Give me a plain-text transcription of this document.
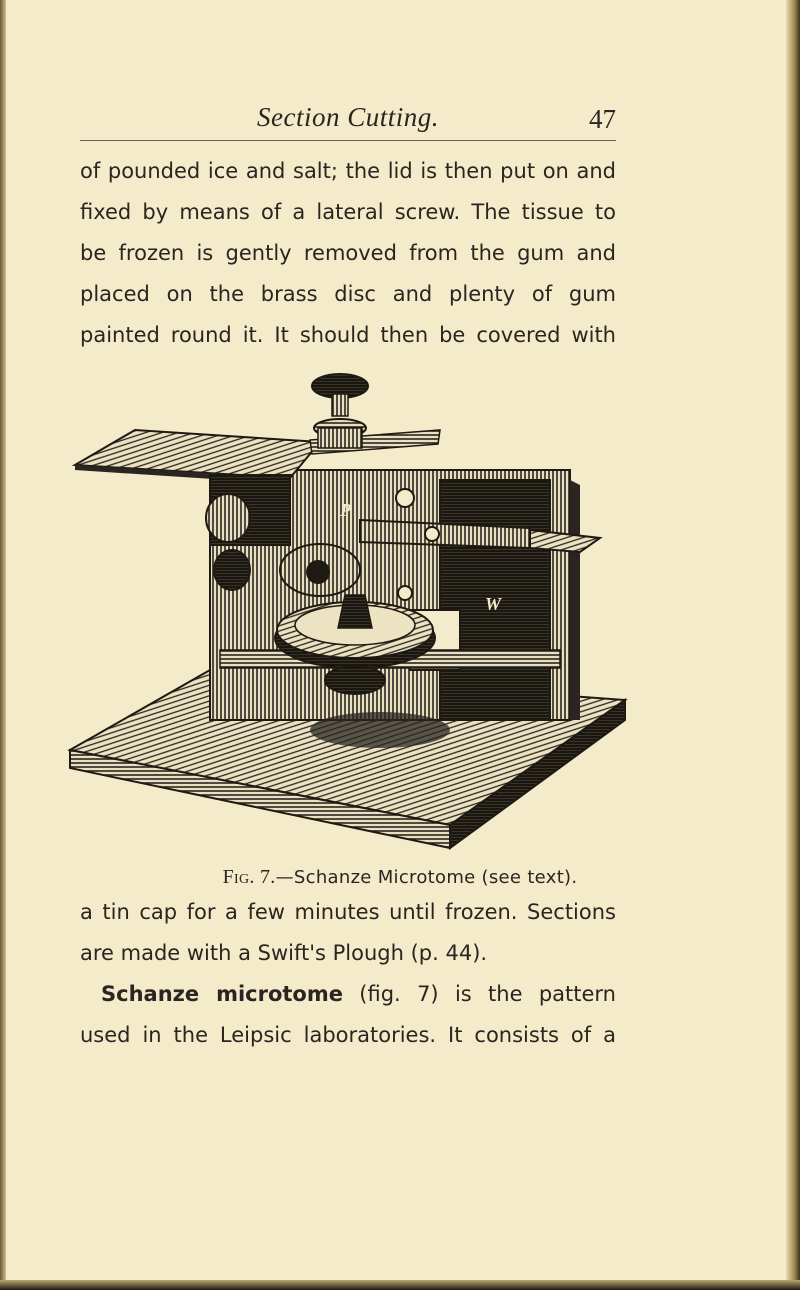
Section Cutting.	47
of pounded ice and salt; the lid is then put on and
fixed by means of a lateral screw. The tissue to
be frozen is gently removed from the gum and
placed on the brass disc and plenty of gum
painted round it. It should then be covered with
P
W
Fig. 7.—Schanze Microtome (see text).
a tin cap for a few minutes until frozen. Sections
are made with a Swift's Plough (p. 44).
 Schanze microtome (fig. 7) is the pattern
used in the Leipsic laboratories. It consists of a
